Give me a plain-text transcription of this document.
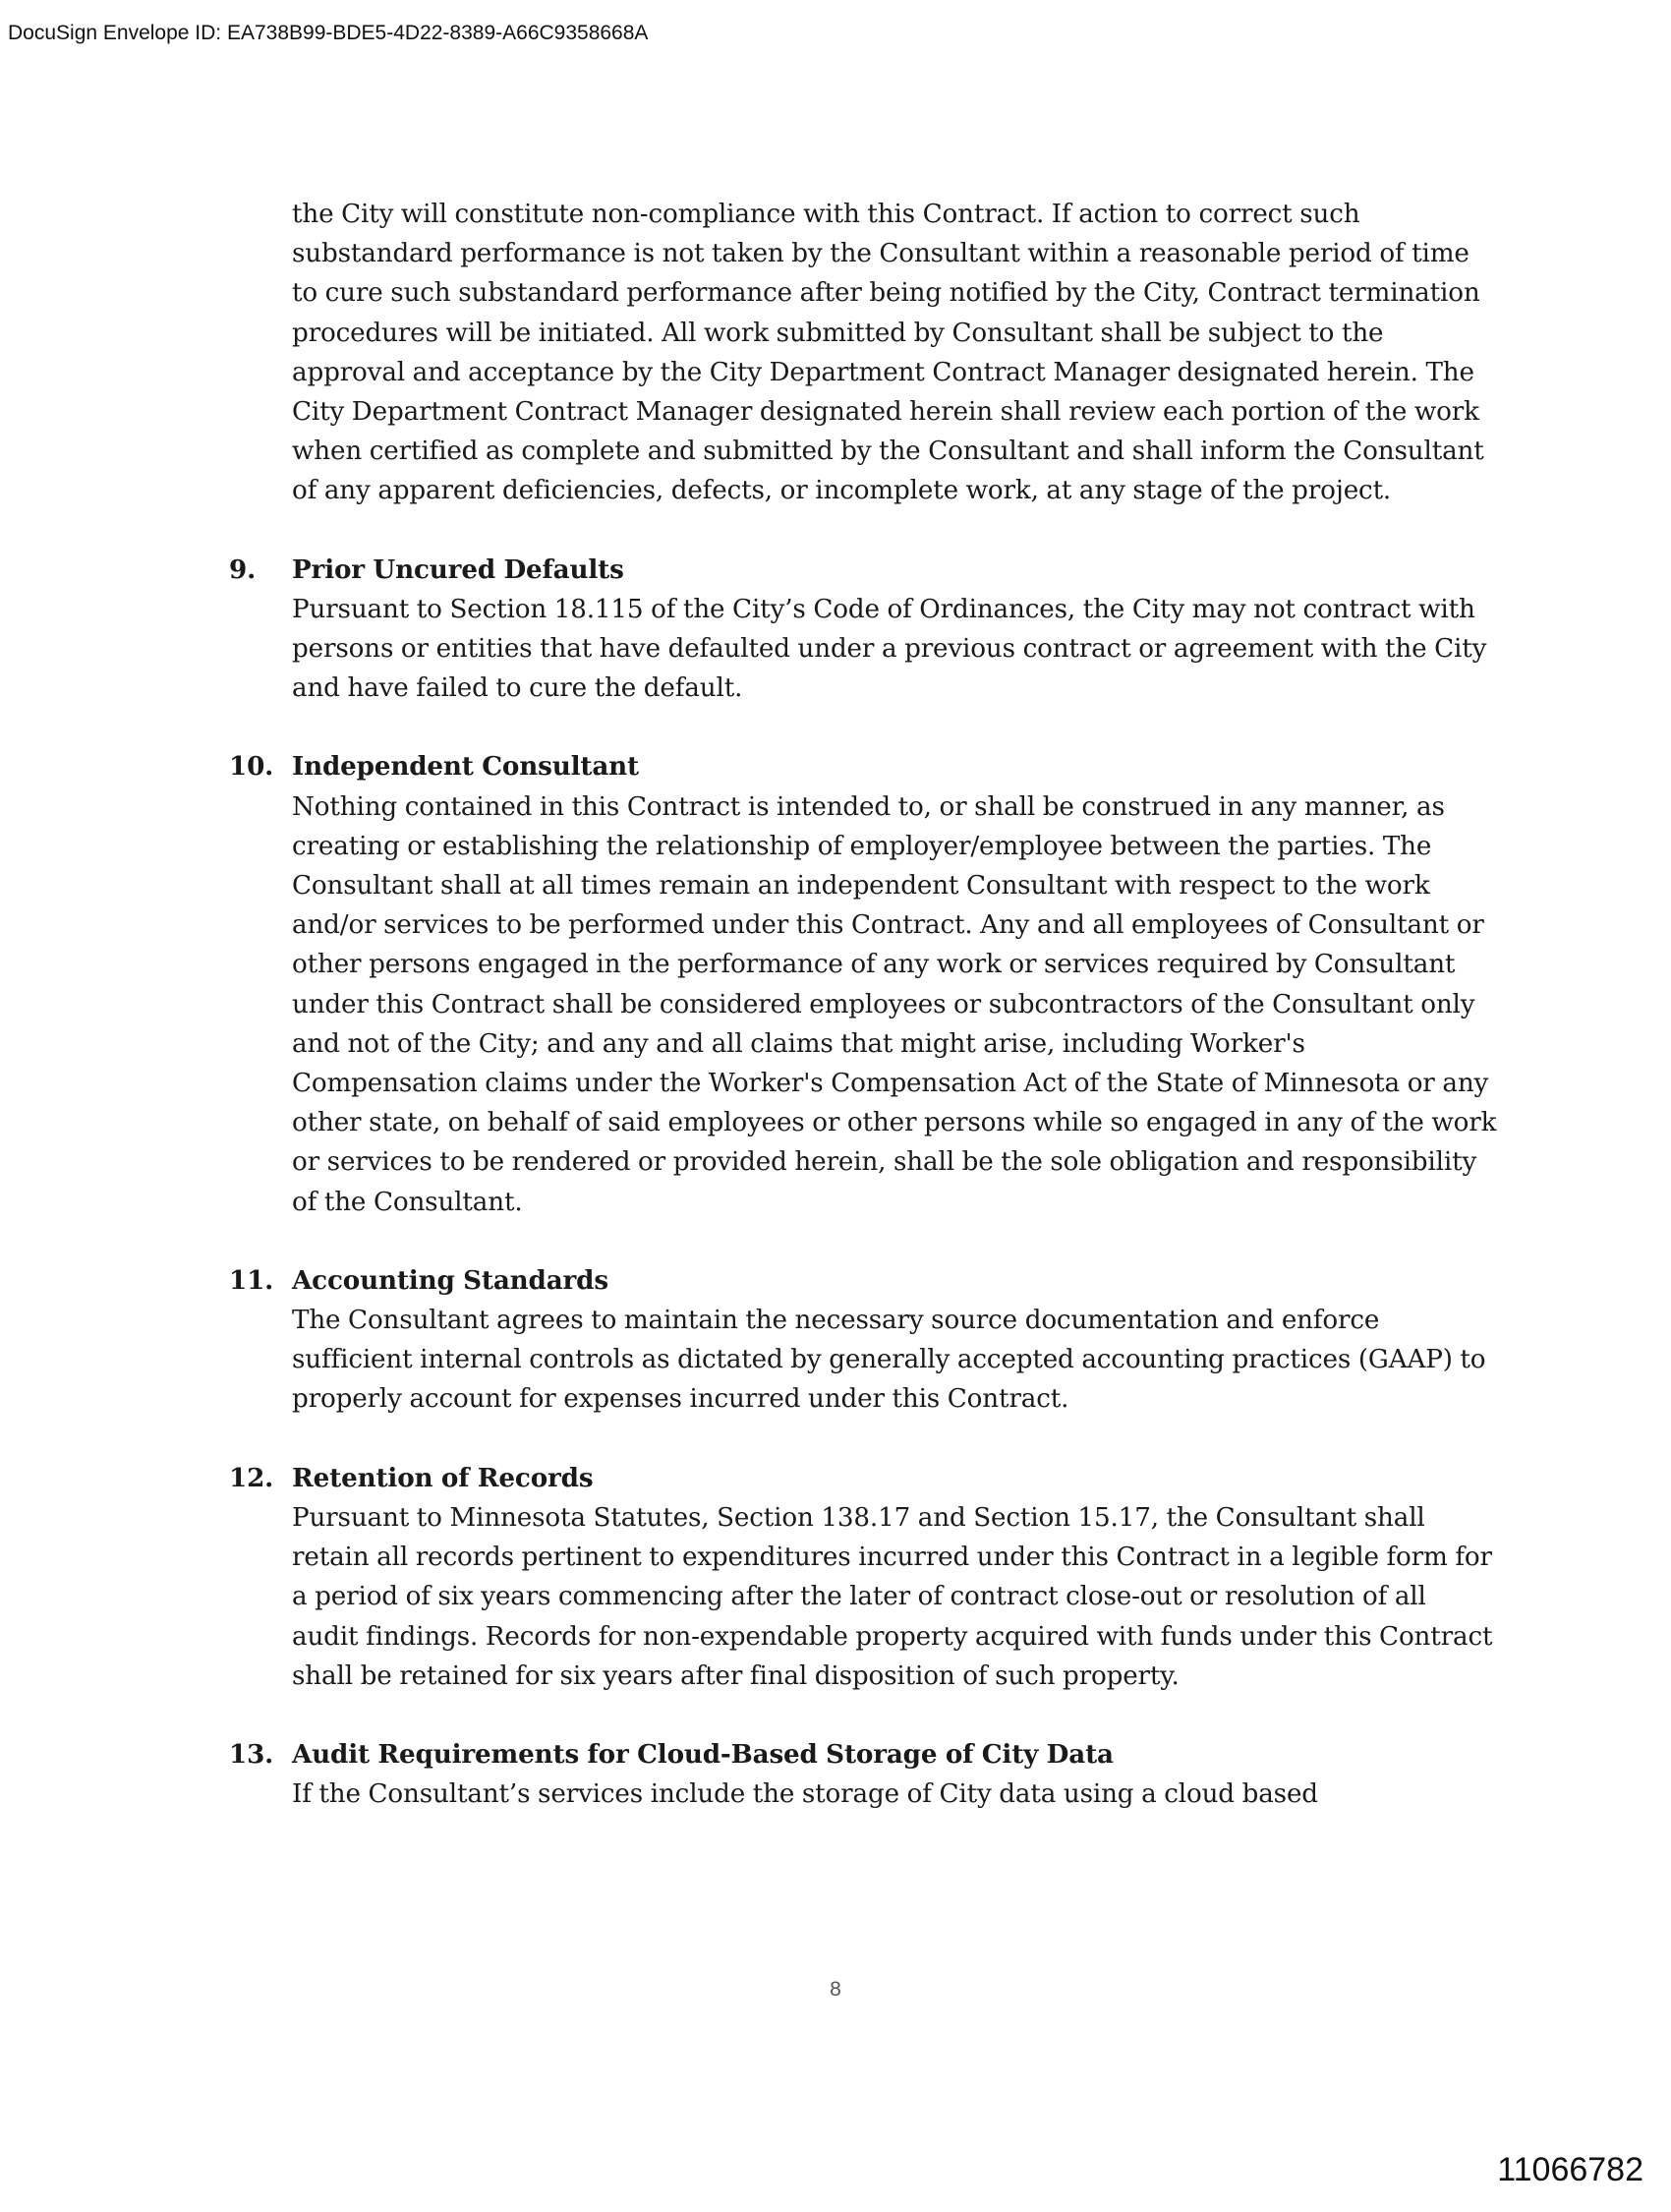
DocuSign Envelope ID: EA738B99-BDE5-4D22-8389-A66C9358668A

the City will constitute non-compliance with this Contract. If action to correct such substandard performance is not taken by the Consultant within a reasonable period of time to cure such substandard performance after being notified by the City, Contract termination procedures will be initiated. All work submitted by Consultant shall be subject to the approval and acceptance by the City Department Contract Manager designated herein. The City Department Contract Manager designated herein shall review each portion of the work when certified as complete and submitted by the Consultant and shall inform the Consultant of any apparent deficiencies, defects, or incomplete work, at any stage of the project.

9.	Prior Uncured Defaults

Pursuant to Section 18.115 of the City’s Code of Ordinances, the City may not contract with persons or entities that have defaulted under a previous contract or agreement with the City and have failed to cure the default.

10. Independent Consultant

Nothing contained in this Contract is intended to, or shall be construed in any manner, as creating or establishing the relationship of employer/employee between the parties. The Consultant shall at all times remain an independent Consultant with respect to the work and/or services to be performed under this Contract. Any and all employees of Consultant or other persons engaged in the performance of any work or services required by Consultant under this Contract shall be considered employees or subcontractors of the Consultant only and not of the City; and any and all claims that might arise, including Worker's Compensation claims under the Worker's Compensation Act of the State of Minnesota or any other state, on behalf of said employees or other persons while so engaged in any of the work or services to be rendered or provided herein, shall be the sole obligation and responsibility of the Consultant.

11. Accounting Standards

The Consultant agrees to maintain the necessary source documentation and enforce sufficient internal controls as dictated by generally accepted accounting practices (GAAP) to properly account for expenses incurred under this Contract.

12. Retention of Records

Pursuant to Minnesota Statutes, Section 138.17 and Section 15.17, the Consultant shall retain all records pertinent to expenditures incurred under this Contract in a legible form for a period of six years commencing after the later of contract close-out or resolution of all audit findings. Records for non-expendable property acquired with funds under this Contract shall be retained for six years after final disposition of such property.

13. Audit Requirements for Cloud-Based Storage of City Data

If the Consultant’s services include the storage of City data using a cloud based

8
11066782
